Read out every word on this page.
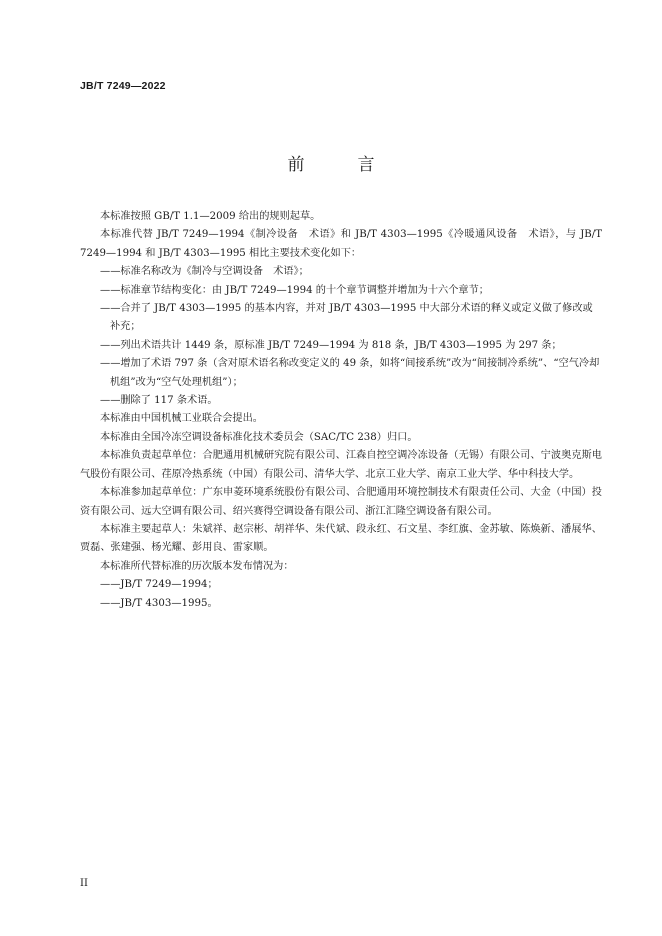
JB/T 7249—2022
前　言

本标准按照 GB/T 1.1—2009 给出的规则起草。

本标准代替 JB/T 7249—1994《制冷设备　术语》和 JB/T 4303—1995《冷暖通风设备　术语》，与 JB/T 7249—1994 和 JB/T 4303—1995 相比主要技术变化如下：

——标准名称改为《制冷与空调设备　术语》；

——标准章节结构变化：由 JB/T 7249—1994 的十个章节调整并增加为十六个章节；

——合并了 JB/T 4303—1995 的基本内容，并对 JB/T 4303—1995 中大部分术语的释义或定义做了修改或补充；

——列出术语共计 1449 条，原标准 JB/T 7249—1994 为 818 条，JB/T 4303—1995 为 297 条；

——增加了术语 797 条（含对原术语名称改变定义的 49 条，如将“间接系统”改为“间接制冷系统”、“空气冷却机组”改为“空气处理机组”）；

——删除了 117 条术语。

本标准由中国机械工业联合会提出。

本标准由全国冷冻空调设备标准化技术委员会（SAC/TC 238）归口。

本标准负责起草单位：合肥通用机械研究院有限公司、江森自控空调冷冻设备（无锡）有限公司、宁波奥克斯电气股份有限公司、荏原冷热系统（中国）有限公司、清华大学、北京工业大学、南京工业大学、华中科技大学。

本标准参加起草单位：广东申菱环境系统股份有限公司、合肥通用环境控制技术有限责任公司、大金（中国）投资有限公司、远大空调有限公司、绍兴赛得空调设备有限公司、浙江汇隆空调设备有限公司。

本标准主要起草人：朱斌祥、赵宗彬、胡祥华、朱代斌、段永红、石文星、李红旗、金苏敏、陈焕新、潘展华、贾磊、张建强、杨光耀、彭用良、雷家顺。

本标准所代替标准的历次版本发布情况为：

——JB/T 7249—1994；

——JB/T 4303—1995。

II
